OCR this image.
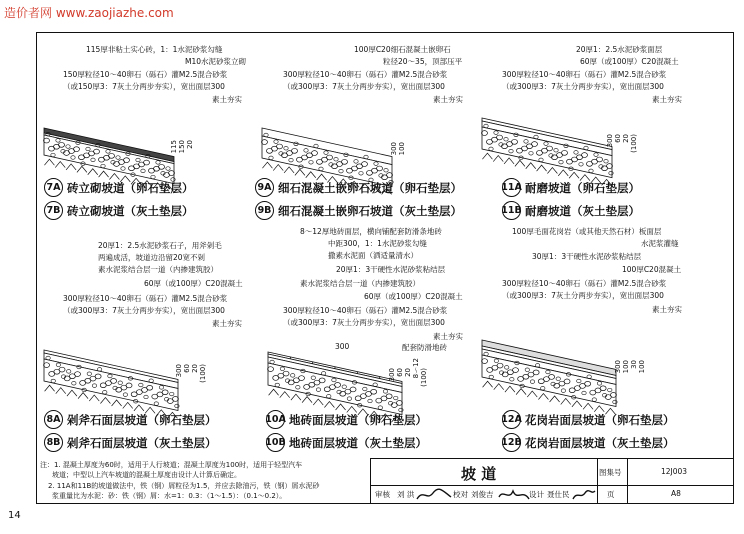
造价者网 www.zaojiazhe.com
115厚非粘土实心砖，1：1水泥砂浆勾缝
M10水泥砂浆立砌
150厚粒径10～40卵石（砾石）灌M2.5混合砂浆
（或150厚3：7灰土分两步夯实），宽出面层300
素土夯实
115 150 20
7A 砖立砌坡道（卵石垫层）
7B 砖立砌坡道（灰土垫层）
100厚C20细石混凝土嵌卵石
粒径20～35，顶部压平
300厚粒径10～40卵石（砾石）灌M2.5混合砂浆
（或300厚3：7灰土分两步夯实），宽出面层300
素土夯实
300 100
9A 细石混凝土嵌卵石坡道（卵石垫层）
9B 细石混凝土嵌卵石坡道（灰土垫层）
20厚1：2.5水泥砂浆面层
60厚（或100厚）C20混凝土
300厚粒径10～40卵石（砾石）灌M2.5混合砂浆
（或300厚3：7灰土分两步夯实），宽出面层300
素土夯实
300 60 20 (100)
11A 耐磨坡道（卵石垫层）
11B 耐磨坡道（灰土垫层）
20厚1：2.5水泥砂浆石子，用斧剁毛
两遍成活，坡道边沿留20宽不剁
素水泥浆结合层一道（内掺建筑胶）
60厚（或100厚）C20混凝土
300厚粒径10～40卵石（砾石）灌M2.5混合砂浆
（或300厚3：7灰土分两步夯实），宽出面层300
素土夯实
300 60 20 (100)
8A 剁斧石面层坡道（卵石垫层）
8B 剁斧石面层坡道（灰土垫层）
8～12厚地砖面层，横向铺配套防滑条地砖
中距300，1：1水泥砂浆勾缝
撒素水泥面（洒适量清水）
20厚1：3干硬性水泥砂浆粘结层
素水泥浆结合层一道（内掺建筑胶）
60厚（或100厚）C20混凝土
300厚粒径10～40卵石（砾石）灌M2.5混合砂浆
（或300厚3：7灰土分两步夯实），宽出面层300
素土夯实
300	配套防滑地砖
300 60 20 8～12 (100)
10A 地砖面层坡道（卵石垫层）
10B 地砖面层坡道（灰土垫层）
100厚毛面花岗岩（或其他天然石材）板面层
水泥浆灌缝
30厚1：3干硬性水泥砂浆粘结层
100厚C20混凝土
300厚粒径10～40卵石（砾石）灌M2.5混合砂浆
（或300厚3：7灰土分两步夯实），宽出面层300
素土夯实
300 100 30 100
12A 花岗岩面层坡道（卵石垫层）
12B 花岗岩面层坡道（灰土垫层）
注：1. 混凝土厚度为60时，适用于人行坡道；混凝土厚度为100时，适用于轻型汽车
坡道；中型以上汽车坡道的混凝土厚度由设计人计算后确定。
2. 11A和11B的坡道做法中，铁（钢）屑粒径为1.5，并应去除油污，铁（钢）屑水泥砂
浆重量比为水泥：砂：铁（钢）屑：水=1：0.3：（1～1.5）：（0.1～0.2）。
坡 道	图集号	12J003
审核 刘 洪	校对 刘俊吉	设计 聂仕民	页	A8
14
